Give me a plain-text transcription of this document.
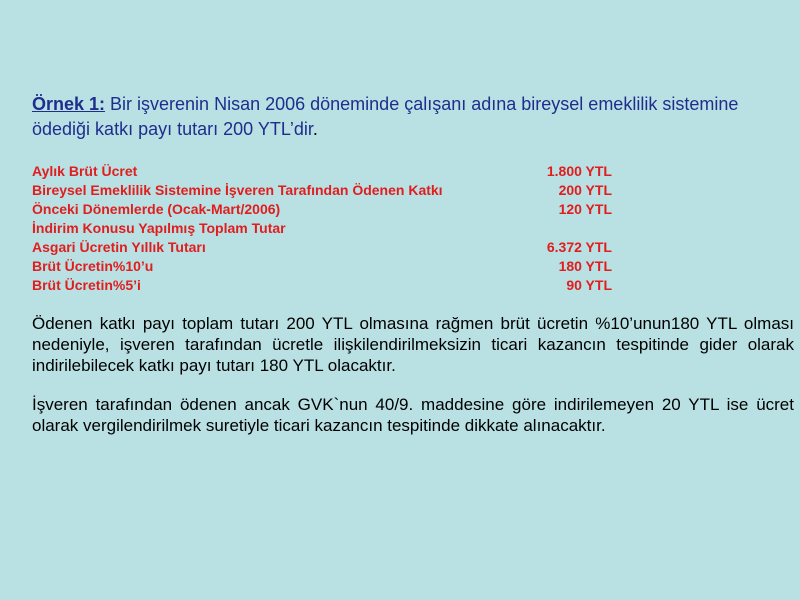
Örnek 1: Bir işverenin Nisan 2006 döneminde çalışanı adına bireysel emeklilik sistemine ödediği katkı payı tutarı 200 YTL’dir.

Aylık Brüt Ücret	1.800 YTL
Bireysel Emeklilik Sistemine İşveren Tarafından Ödenen Katkı	200 YTL
Önceki Dönemlerde (Ocak-Mart/2006)	120 YTL
İndirim Konusu Yapılmış Toplam Tutar	
Asgari Ücretin Yıllık Tutarı	6.372 YTL
Brüt Ücretin%10’u	180 YTL
Brüt Ücretin%5’i	90 YTL

Ödenen katkı payı toplam tutarı 200 YTL olmasına rağmen brüt ücretin %10’unun180 YTL olması nedeniyle, işveren tarafından ücretle ilişkilendirilmeksizin ticari kazancın tespitinde gider olarak indirilebilecek katkı payı tutarı 180 YTL olacaktır.

İşveren tarafından ödenen ancak GVK`nun 40/9. maddesine göre indirilemeyen 20 YTL ise ücret olarak vergilendirilmek suretiyle ticari kazancın tespitinde dikkate alınacaktır.
